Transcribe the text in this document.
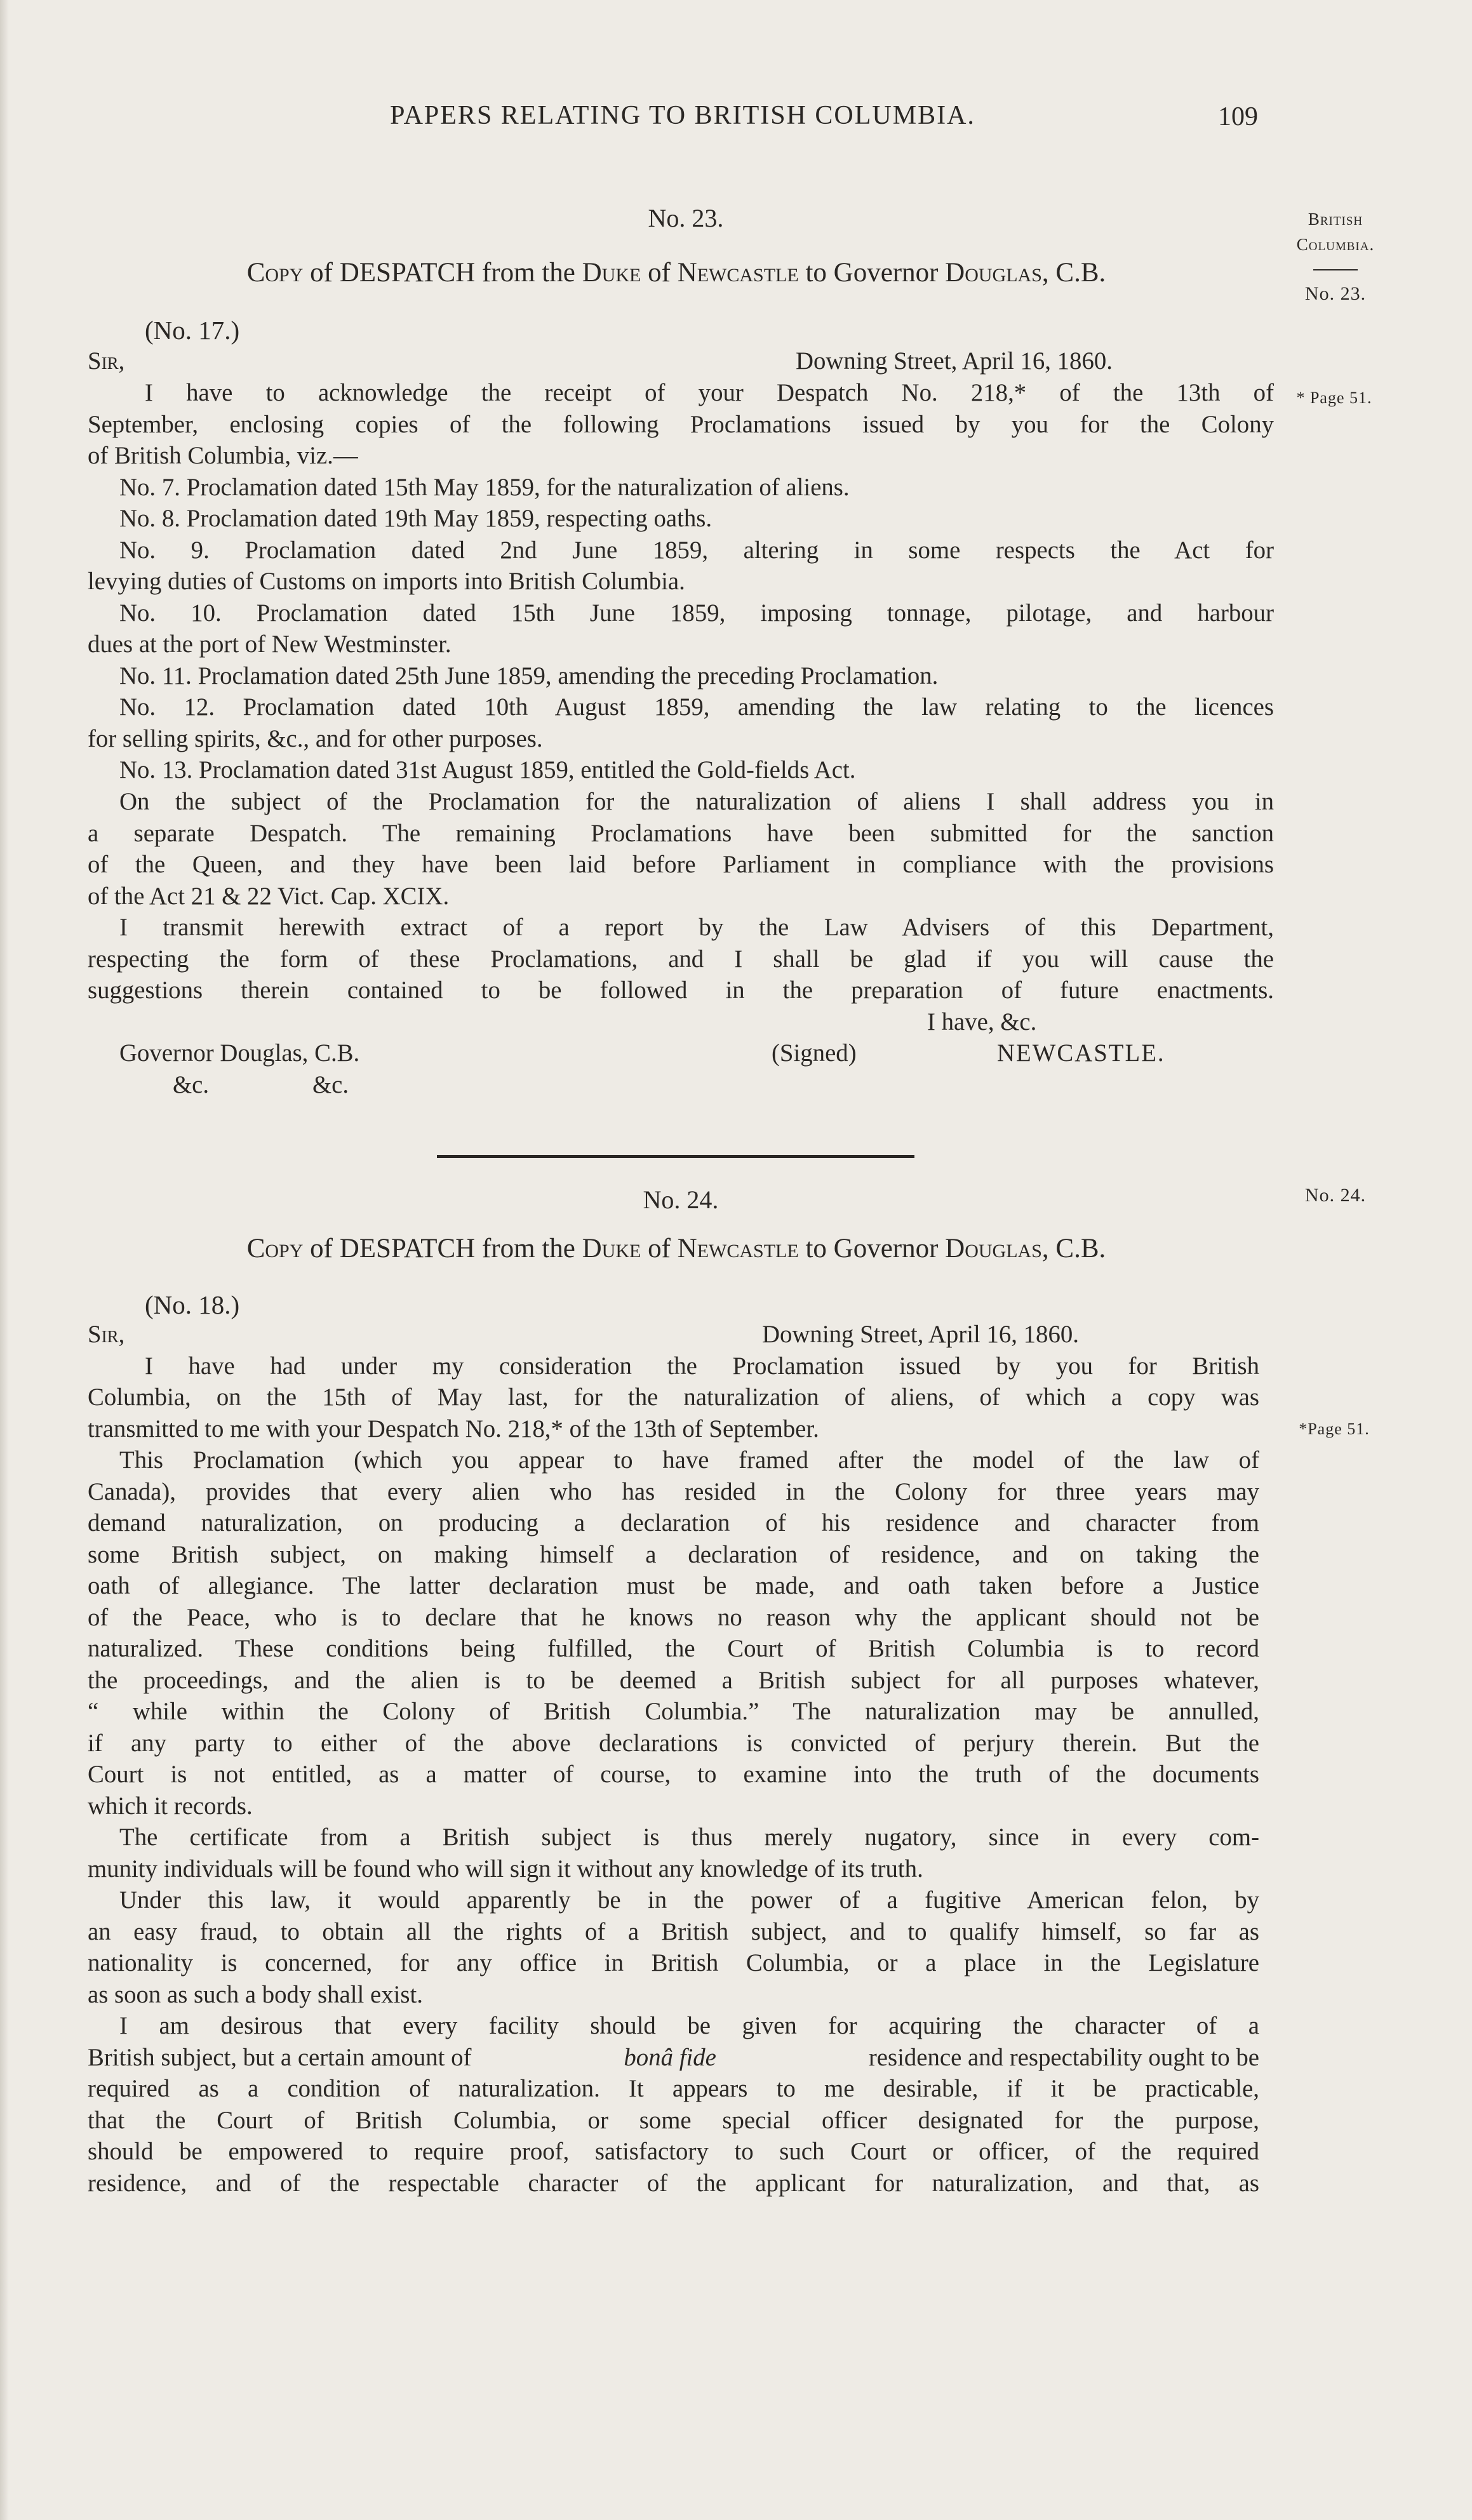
PAPERS RELATING TO BRITISH COLUMBIA.	109
British
Columbia.
No. 23.
* Page 51.
No. 24.
*Page 51.
No. 23.
Copy of DESPATCH from the Duke of Newcastle to Governor Douglas, C.B.
(No. 17.)
Sir,	Downing Street, April 16, 1860.
I have to acknowledge the receipt of your Despatch No. 218,* of the 13th of
September, enclosing copies of the following Proclamations issued by you for the Colony
of British Columbia, viz.—
No. 7. Proclamation dated 15th May 1859, for the naturalization of aliens.
No. 8. Proclamation dated 19th May 1859, respecting oaths.
No. 9. Proclamation dated 2nd June 1859, altering in some respects the Act for
levying duties of Customs on imports into British Columbia.
No. 10. Proclamation dated 15th June 1859, imposing tonnage, pilotage, and harbour
dues at the port of New Westminster.
No. 11. Proclamation dated 25th June 1859, amending the preceding Proclamation.
No. 12. Proclamation dated 10th August 1859, amending the law relating to the licences
for selling spirits, &c., and for other purposes.
No. 13. Proclamation dated 31st August 1859, entitled the Gold-fields Act.
On the subject of the Proclamation for the naturalization of aliens I shall address you in
a separate Despatch. The remaining Proclamations have been submitted for the sanction
of the Queen, and they have been laid before Parliament in compliance with the provisions
of the Act 21 & 22 Vict. Cap. XCIX.
I transmit herewith extract of a report by the Law Advisers of this Department,
respecting the form of these Proclamations, and I shall be glad if you will cause the
suggestions therein contained to be followed in the preparation of future enactments.
I have, &c.
Governor Douglas, C.B.	(Signed)	NEWCASTLE.
&c.	&c.
No. 24.
Copy of DESPATCH from the Duke of Newcastle to Governor Douglas, C.B.
(No. 18.)
Sir,	Downing Street, April 16, 1860.
I have had under my consideration the Proclamation issued by you for British
Columbia, on the 15th of May last, for the naturalization of aliens, of which a copy was
transmitted to me with your Despatch No. 218,* of the 13th of September.
This Proclamation (which you appear to have framed after the model of the law of
Canada), provides that every alien who has resided in the Colony for three years may
demand naturalization, on producing a declaration of his residence and character from
some British subject, on making himself a declaration of residence, and on taking the
oath of allegiance. The latter declaration must be made, and oath taken before a Justice
of the Peace, who is to declare that he knows no reason why the applicant should not be
naturalized. These conditions being fulfilled, the Court of British Columbia is to record
the proceedings, and the alien is to be deemed a British subject for all purposes whatever,
“ while within the Colony of British Columbia.” The naturalization may be annulled,
if any party to either of the above declarations is convicted of perjury therein. But the
Court is not entitled, as a matter of course, to examine into the truth of the documents
which it records.
The certificate from a British subject is thus merely nugatory, since in every com-
munity individuals will be found who will sign it without any knowledge of its truth.
Under this law, it would apparently be in the power of a fugitive American felon, by
an easy fraud, to obtain all the rights of a British subject, and to qualify himself, so far as
nationality is concerned, for any office in British Columbia, or a place in the Legislature
as soon as such a body shall exist.
I am desirous that every facility should be given for acquiring the character of a
British subject, but a certain amount of	bonâ fide	residence and respectability ought to be
required as a condition of naturalization. It appears to me desirable, if it be practicable,
that the Court of British Columbia, or some special officer designated for the purpose,
should be empowered to require proof, satisfactory to such Court or officer, of the required
residence, and of the respectable character of the applicant for naturalization, and that, as
